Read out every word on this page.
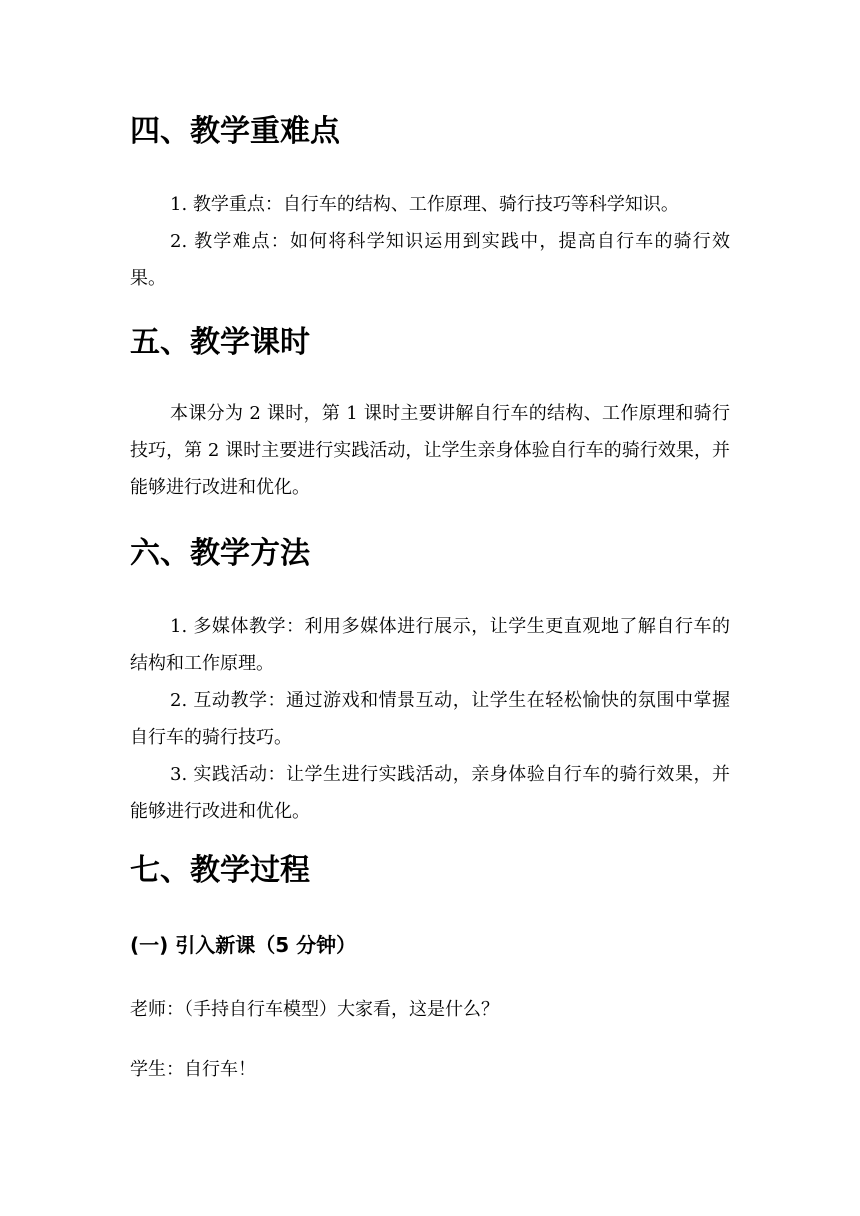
四、教学重难点

1. 教学重点：自行车的结构、工作原理、骑行技巧等科学知识。

2. 教学难点：如何将科学知识运用到实践中，提高自行车的骑行效果。

五、教学课时

本课分为 2 课时，第 1 课时主要讲解自行车的结构、工作原理和骑行技巧，第 2 课时主要进行实践活动，让学生亲身体验自行车的骑行效果，并能够进行改进和优化。

六、教学方法

1. 多媒体教学：利用多媒体进行展示，让学生更直观地了解自行车的结构和工作原理。

2. 互动教学：通过游戏和情景互动，让学生在轻松愉快的氛围中掌握自行车的骑行技巧。

3. 实践活动：让学生进行实践活动，亲身体验自行车的骑行效果，并能够进行改进和优化。

七、教学过程
(一) 引入新课（5 分钟）

老师：（手持自行车模型）大家看，这是什么？

学生：自行车！
